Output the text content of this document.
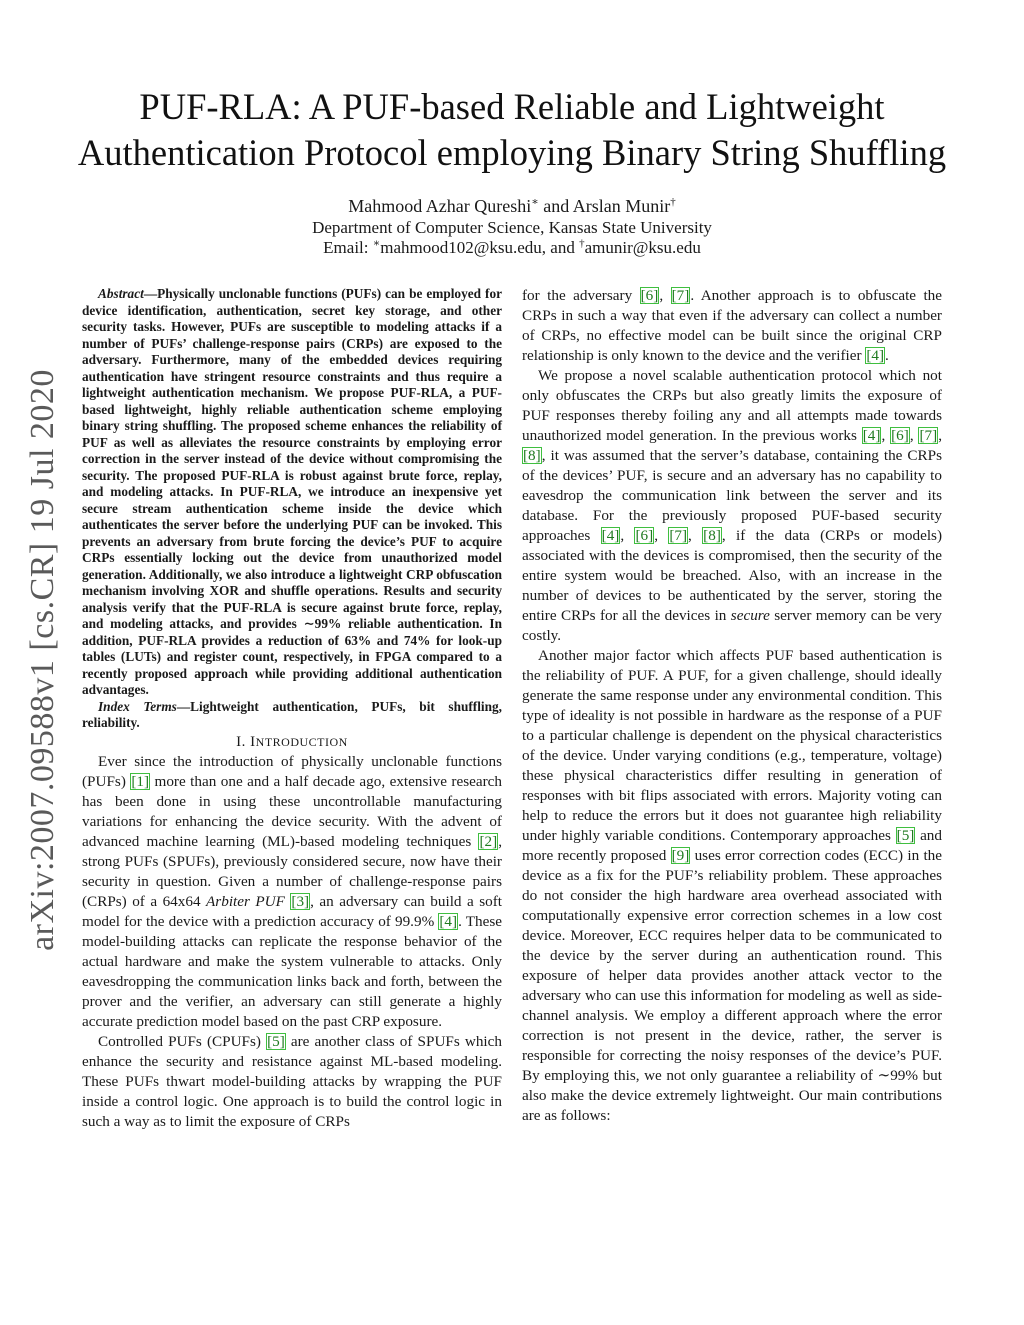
arXiv:2007.09588v1 [cs.CR] 19 Jul 2020
PUF-RLA: A PUF-based Reliable and Lightweight
Authentication Protocol employing Binary String Shuffling
Mahmood Azhar Qureshi∗ and Arslan Munir†
Department of Computer Science, Kansas State University
Email: ∗mahmood102@ksu.edu, and †amunir@ksu.edu

Abstract—Physically unclonable functions (PUFs) can be employed for device identification, authentication, secret key storage, and other security tasks. However, PUFs are susceptible to modeling attacks if a number of PUFs’ challenge-response pairs (CRPs) are exposed to the adversary. Furthermore, many of the embedded devices requiring authentication have stringent resource constraints and thus require a lightweight authentication mechanism. We propose PUF-RLA, a PUF-based lightweight, highly reliable authentication scheme employing binary string shuffling. The proposed scheme enhances the reliability of PUF as well as alleviates the resource constraints by employing error correction in the server instead of the device without compromising the security. The proposed PUF-RLA is robust against brute force, replay, and modeling attacks. In PUF-RLA, we introduce an inexpensive yet secure stream authentication scheme inside the device which authenticates the server before the underlying PUF can be invoked. This prevents an adversary from brute forcing the device’s PUF to acquire CRPs essentially locking out the device from unauthorized model generation. Additionally, we also introduce a lightweight CRP obfuscation mechanism involving XOR and shuffle operations. Results and security analysis verify that the PUF-RLA is secure against brute force, replay, and modeling attacks, and provides ∼99% reliable authentication. In addition, PUF-RLA provides a reduction of 63% and 74% for look-up tables (LUTs) and register count, respectively, in FPGA compared to a recently proposed approach while providing additional authentication advantages.

Index Terms—Lightweight authentication, PUFs, bit shuffling, reliability.

I. INTRODUCTION

Ever since the introduction of physically unclonable functions (PUFs) [1] more than one and a half decade ago, extensive research has been done in using these uncontrollable manufacturing variations for enhancing the device security. With the advent of advanced machine learning (ML)-based modeling techniques [2], strong PUFs (SPUFs), previously considered secure, now have their security in question. Given a number of challenge-response pairs (CRPs) of a 64x64 Arbiter PUF [3], an adversary can build a soft model for the device with a prediction accuracy of 99.9% [4]. These model-building attacks can replicate the response behavior of the actual hardware and make the system vulnerable to attacks. Only eavesdropping the communication links back and forth, between the prover and the verifier, an adversary can still generate a highly accurate prediction model based on the past CRP exposure.

Controlled PUFs (CPUFs) [5] are another class of SPUFs which enhance the security and resistance against ML-based modeling. These PUFs thwart model-building attacks by wrapping the PUF inside a control logic. One approach is to build the control logic in such a way as to limit the exposure of CRPs

for the adversary [6], [7]. Another approach is to obfuscate the CRPs in such a way that even if the adversary can collect a number of CRPs, no effective model can be built since the original CRP relationship is only known to the device and the verifier [4].

We propose a novel scalable authentication protocol which not only obfuscates the CRPs but also greatly limits the exposure of PUF responses thereby foiling any and all attempts made towards unauthorized model generation. In the previous works [4], [6], [7], [8], it was assumed that the server’s database, containing the CRPs of the devices’ PUF, is secure and an adversary has no capability to eavesdrop the communication link between the server and its database. For the previously proposed PUF-based security approaches [4], [6], [7], [8], if the data (CRPs or models) associated with the devices is compromised, then the security of the entire system would be breached. Also, with an increase in the number of devices to be authenticated by the server, storing the entire CRPs for all the devices in secure server memory can be very costly.

Another major factor which affects PUF based authentication is the reliability of PUF. A PUF, for a given challenge, should ideally generate the same response under any environmental condition. This type of ideality is not possible in hardware as the response of a PUF to a particular challenge is dependent on the physical characteristics of the device. Under varying conditions (e.g., temperature, voltage) these physical characteristics differ resulting in generation of responses with bit flips associated with errors. Majority voting can help to reduce the errors but it does not guarantee high reliability under highly variable conditions. Contemporary approaches [5] and more recently proposed [9] uses error correction codes (ECC) in the device as a fix for the PUF’s reliability problem. These approaches do not consider the high hardware area overhead associated with computationally expensive error correction schemes in a low cost device. Moreover, ECC requires helper data to be communicated to the device by the server during an authentication round. This exposure of helper data provides another attack vector to the adversary who can use this information for modeling as well as side-channel analysis. We employ a different approach where the error correction is not present in the device, rather, the server is responsible for correcting the noisy responses of the device’s PUF. By employing this, we not only guarantee a reliability of ∼99% but also make the device extremely lightweight. Our main contributions are as follows:
